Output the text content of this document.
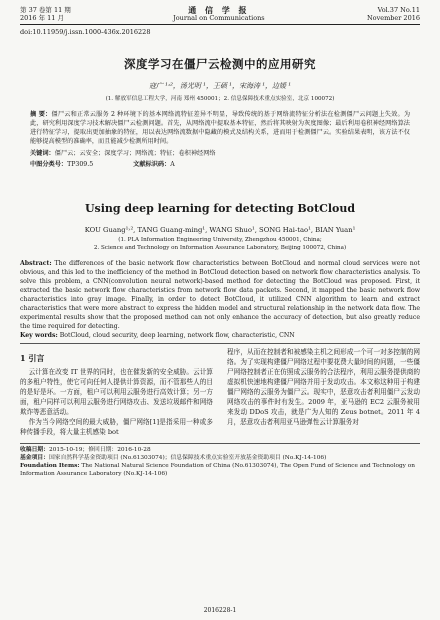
第 37 卷第 11 期
2016 年 11 月
通 信 学 报
Journal on Communications
Vol.37 No.11
November 2016
doi:10.11959/j.issn.1000-436x.2016228
深度学习在僵尸云检测中的应用研究
寇广 ¹˒²，汤光明 ¹，王硕 ¹，宋海涛 ¹，边媛 ¹
(1. 解放军信息工程大学，河南 郑州 450001；2. 信息保障技术重点实验室，北京 100072)
摘 要：僵尸云和正常云服务 2 种环境下的基本网络流特征差异不明显，导致传统的基于网络流特征分析法在检测僵尸云问题上失效。为此，研究利用深度学习技术解决僵尸云检测问题。首先，从网络流中提取基本特征，然后将其映射为灰度图像；最后利用卷积神经网络算法进行特征学习，提取出更加抽象的特征，用以表达网络流数据中隐藏的模式及结构关系，进而用于检测僵尸云。实验结果表明，该方法不仅能够提高模型的准确率，而且能减少检测所用时间。
关键词：僵尸云；云安全；深度学习；网络流；特征；卷积神经网络
中图分类号：TP309.5	文献标识码：A
Using deep learning for detecting BotCloud
KOU Guang¹˒², TANG Guang-ming¹, WANG Shuo¹, SONG Hai-tao¹, BIAN Yuan¹
(1. PLA Information Engineering University, Zhengzhou 450001, China;
2. Science and Technology on Information Assurance Laboratory, Beijing 100072, China)
Abstract: The differences of the basic network flow characteristics between BotCloud and normal cloud services were not obvious, and this led to the inefficiency of the method in BotCloud detection based on network flow characteristics analysis. To solve this problem, a CNN(convolution neural network)-based method for detecting the BotCloud was proposed. First, it extracted the basic network flow characteristics from network flow data packets. Second, it mapped the basic network flow characteristics into gray image. Finally, in order to detect BotCloud, it utilized CNN algorithm to learn and extract characteristics that were more abstract to express the hidden model and structural relationship in the network data flow. The experimental results show that the proposed method can not only enhance the accuracy of detection, but also greatly reduce the time required for detecting.
Key words: BotCloud, cloud security, deep learning, network flow, characteristic, CNN
1 引言
云计算在改变 IT 世界的同时，也在催发新的安全威胁。云计算的多租户特性，使它可向任何人提供计算资源，而不管那些人的目的是好是坏。一方面，租户可以利用云服务进行高效计算；另一方面，租户同样可以利用云服务进行网络攻击、发送垃圾邮件和网络欺诈等恶意活动。
作为当今网络空间的最大威胁，僵尸网络[1]是指采用一种或多种传播手段，将大量主机感染 bot
程序，从而在控制者和被感染主机之间形成一个可一对多控制的网络。为了实现构建僵尸网络过程中要花费大量时间的问题，一些僵尸网络控制者正在仿照成云服务的合法程序，利用云服务提供商的虚拟机快速地构建僵尸网络并用于发动攻击。本文称这种用于构建僵尸网络的云服务为僵尸云。现实中，恶意攻击者利用僵尸云发动网络攻击的事件时有发生。2009 年，亚马逊的 EC2 云服务被用来发动 DDoS 攻击，就是广为人知的 Zeus botnet。2011 年 4 月，恶意攻击者利用亚马逊弹性云计算服务对
收稿日期：2015-10-19；修回日期：2016-10-28
基金项目：国家自然科学基金资助项目 (No.61303074)；信息保障技术重点实验室开放基金资助项目 (No.KJ-14-106)
Foundation Items: The National Natural Science Foundation of China (No.61303074), The Open Fund of Science and Technology on Information Assurance Laboratory (No.KJ-14-106)
2016228-1
